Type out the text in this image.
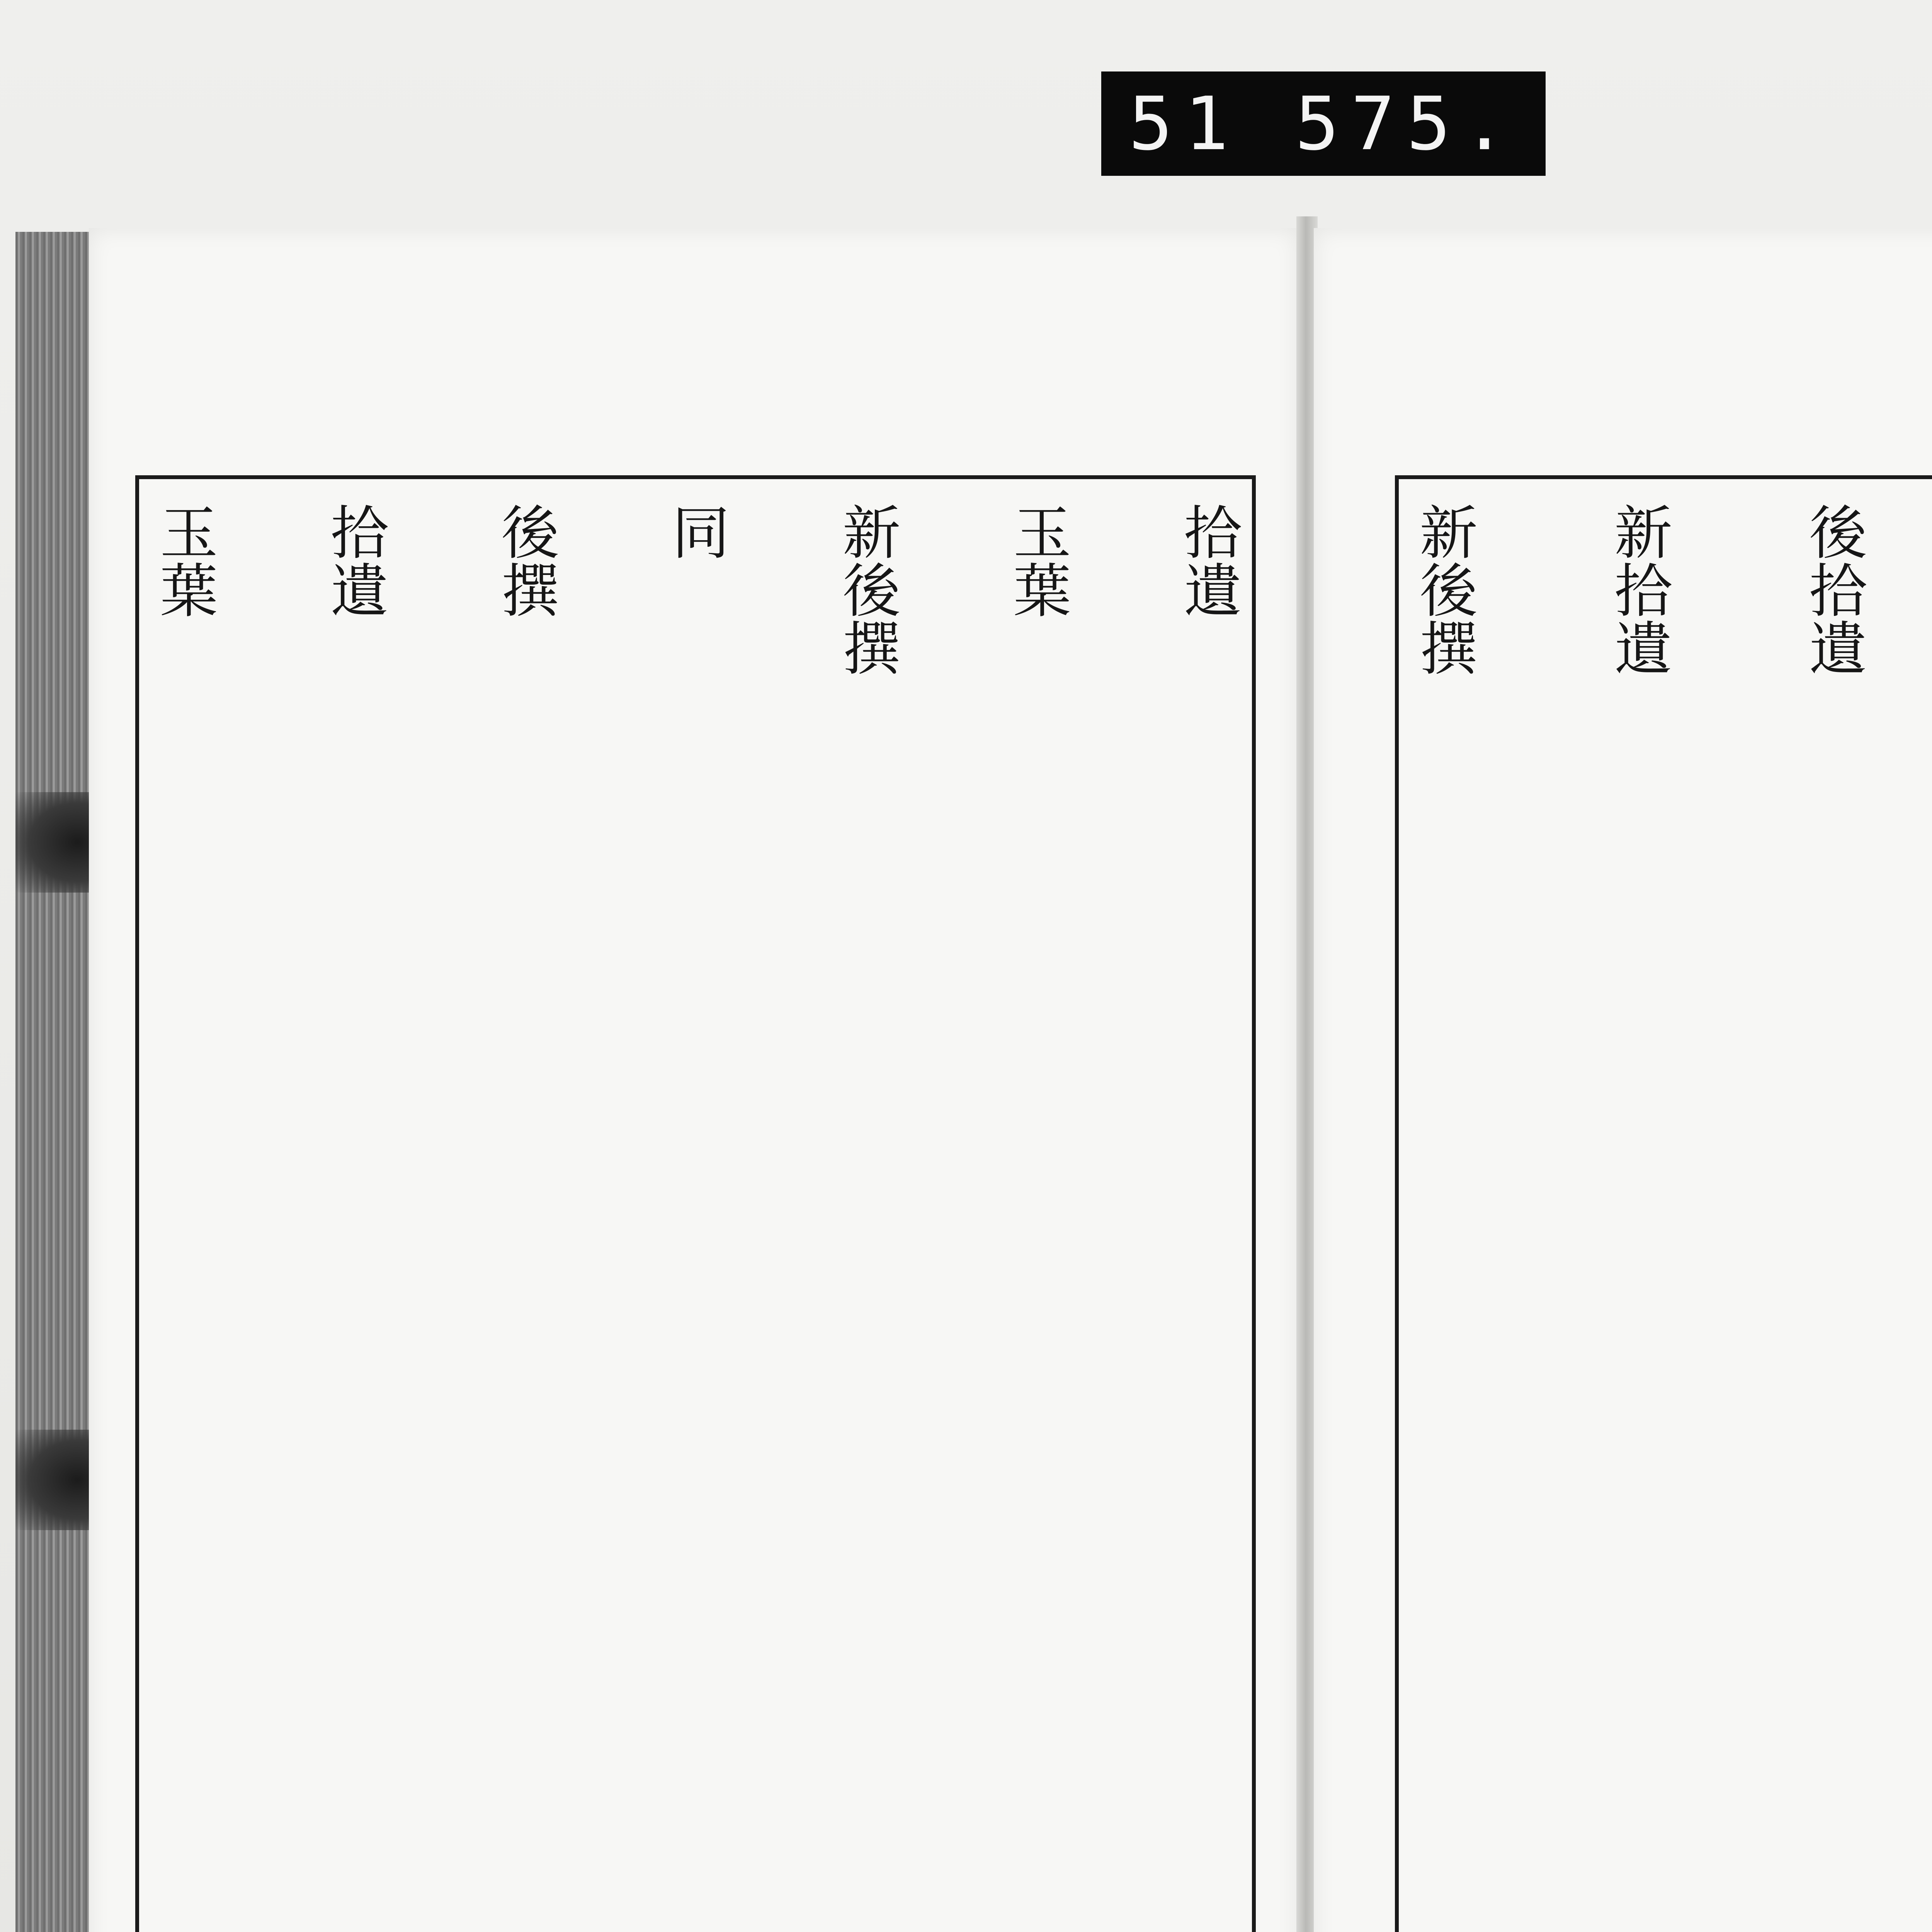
51 575.
拾遺
玉葉
新後撰
同
後撰
拾遺
玉葉	後拾遺
新拾遺
新後撰
